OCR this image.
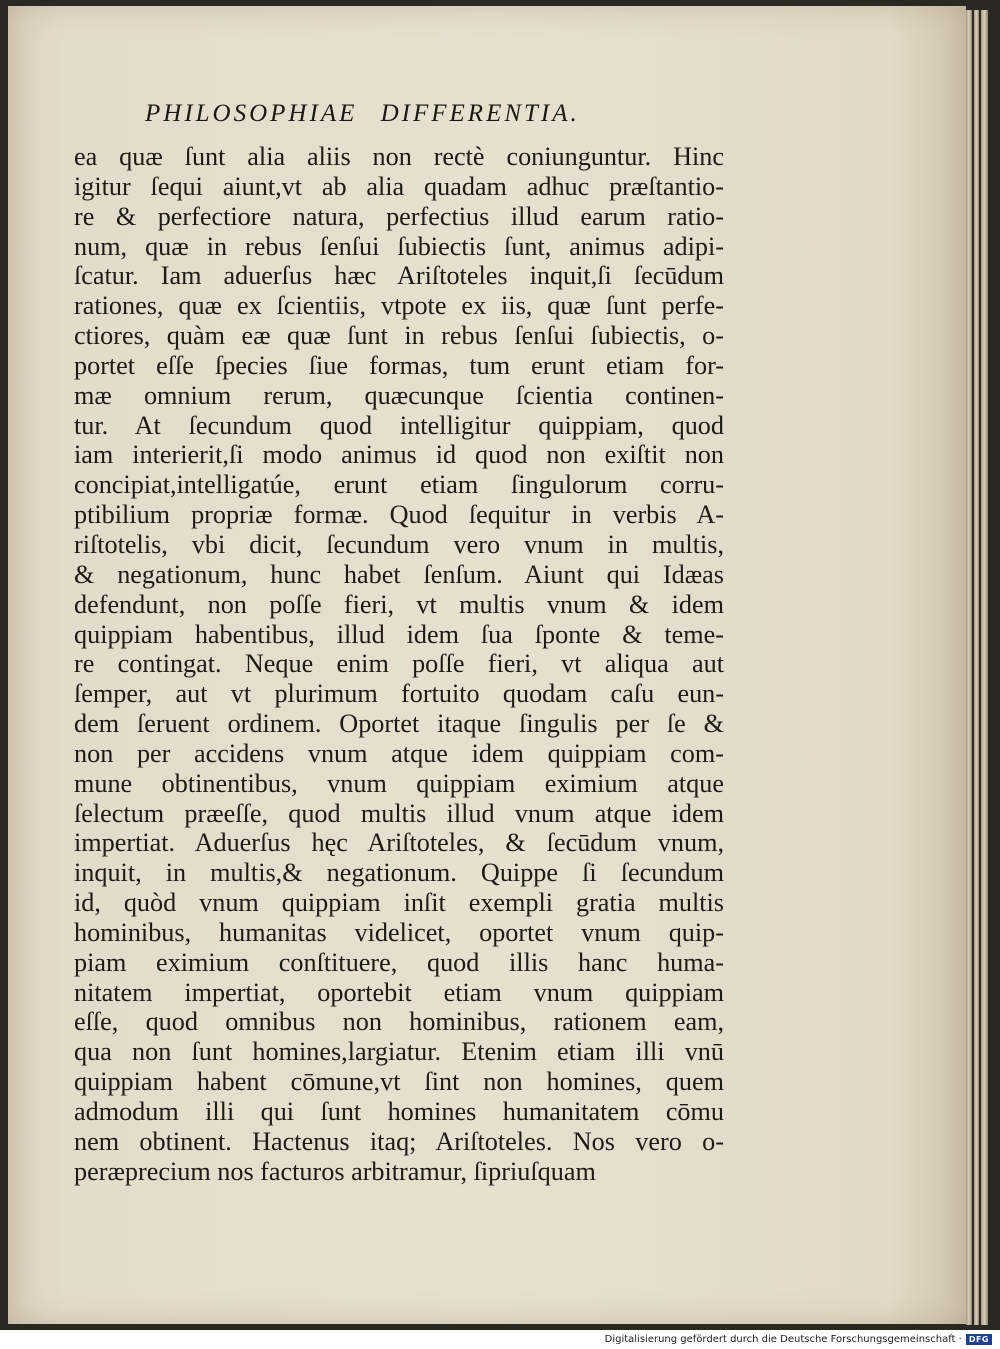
PHILOSOPHIAE DIFFERENTIA.
ea quæ ſunt alia aliis non rectè coniunguntur. Hinc
igitur ſequi aiunt,vt ab alia quadam adhuc præſtantio-
re & perfectiore natura, perfectius illud earum ratio-
num, quæ in rebus ſenſui ſubiectis ſunt, animus adipi-
ſcatur. Iam aduerſus hæc Ariſtoteles inquit,ſi ſecūdum
rationes, quæ ex ſcientiis, vtpote ex iis, quæ ſunt perfe-
ctiores, quàm eæ quæ ſunt in rebus ſenſui ſubiectis, o-
portet eſſe ſpecies ſiue formas, tum erunt etiam for-
mæ omnium rerum, quæcunque ſcientia continen-
tur. At ſecundum quod intelligitur quippiam, quod
iam interierit,ſi modo animus id quod non exiſtit non
concipiat,intelligatúe, erunt etiam ſingulorum corru-
ptibilium propriæ formæ. Quod ſequitur in verbis A-
riſtotelis, vbi dicit, ſecundum vero vnum in multis,
& negationum, hunc habet ſenſum. Aiunt qui Idæas
defendunt, non poſſe fieri, vt multis vnum & idem
quippiam habentibus, illud idem ſua ſponte & teme-
re contingat. Neque enim poſſe fieri, vt aliqua aut
ſemper, aut vt plurimum fortuito quodam caſu eun-
dem ſeruent ordinem. Oportet itaque ſingulis per ſe &
non per accidens vnum atque idem quippiam com-
mune obtinentibus, vnum quippiam eximium atque
ſelectum præeſſe, quod multis illud vnum atque idem
impertiat. Aduerſus hęc Ariſtoteles, & ſecūdum vnum,
inquit, in multis,& negationum. Quippe ſi ſecundum
id, quòd vnum quippiam inſit exempli gratia multis
hominibus, humanitas videlicet, oportet vnum quip-
piam eximium conſtituere, quod illis hanc huma-
nitatem impertiat, oportebit etiam vnum quippiam
eſſe, quod omnibus non hominibus, rationem eam,
qua non ſunt homines,largiatur. Etenim etiam illi vnū
quippiam habent cōmune,vt ſint non homines, quem
admodum illi qui ſunt homines humanitatem cōmu
nem obtinent. Hactenus itaq; Ariſtoteles. Nos vero o-
peræprecium nos facturos arbitramur, ſipriuſquam
Digitalisierung gefördert durch die Deutsche Forschungsgemeinschaft · DFG
